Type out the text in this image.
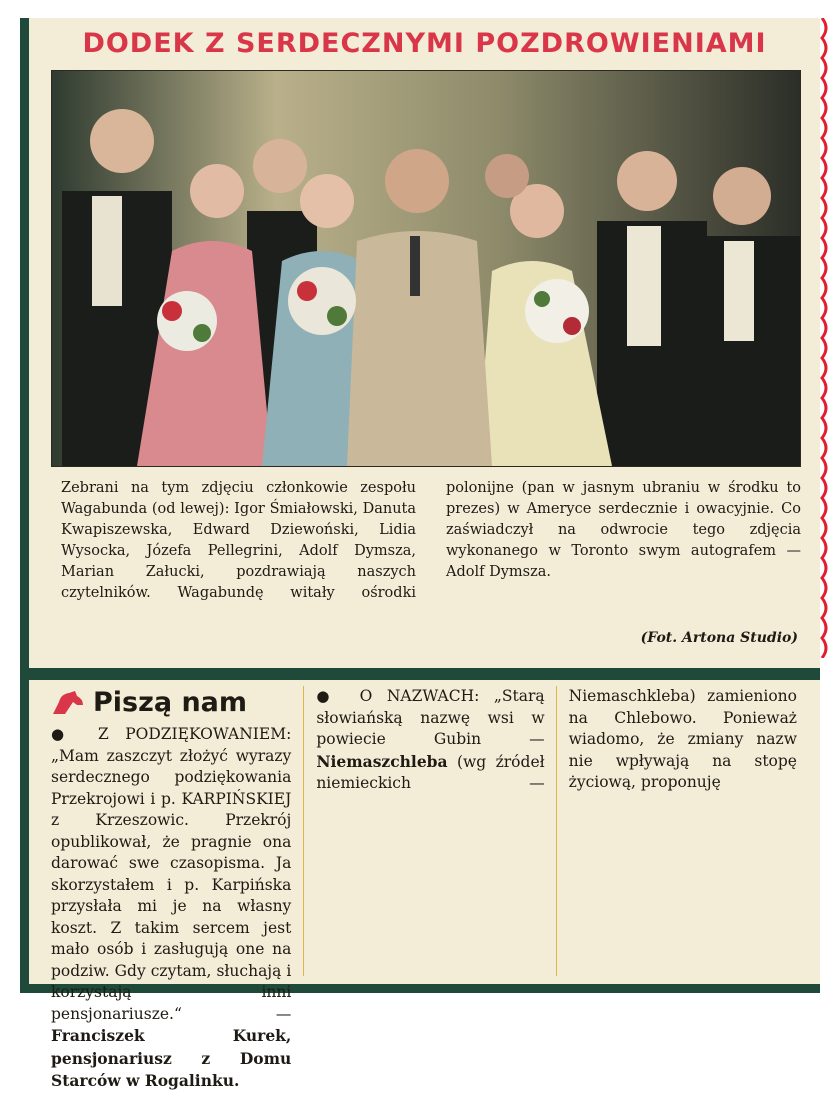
DODEK Z SERDECZNYMI POZDROWIENIAMI
Zebrani na tym zdjęciu członkowie zespołu Wagabunda (od lewej): Igor Śmiałowski, Danuta Kwapiszewska, Edward Dziewoński, Lidia Wysocka, Józefa Pellegrini, Adolf Dymsza, Marian Załucki, pozdrawiają naszych czytelników. Wagabundę witały ośrodki polonijne (pan w jasnym ubraniu w środku to prezes) w Ameryce serdecznie i owacyjnie. Co zaświadczył na odwrocie tego zdjęcia wykonanego w Toronto swym autografem — Adolf Dymsza.
(Fot. Artona Studio)
Piszą nam

● Z PODZIĘKOWANIEM: „Mam zaszczyt złożyć wyrazy serdecznego podziękowania Przekrojowi i p. KARPIŃSKIEJ z Krzeszowic. Przekrój opublikował, że pragnie ona darować swe czasopisma. Ja skorzystałem i p. Karpińska przysłała mi je na własny koszt. Z takim sercem jest mało osób i zasługują one na podziw. Gdy czytam, słuchają i korzystają inni pensjonariusze.“ — Franciszek Kurek, pensjonariusz z Domu Starców w Rogalinku.

● O NAZWACH: „Starą słowiańską nazwę wsi w powiecie Gubin — Niemaszchleba (wg źródeł niemieckich — Niemaschkleba) zamieniono na Chlebowo. Ponieważ wiadomo, że zmiany nazw nie wpływają na stopę życiową, proponuję
